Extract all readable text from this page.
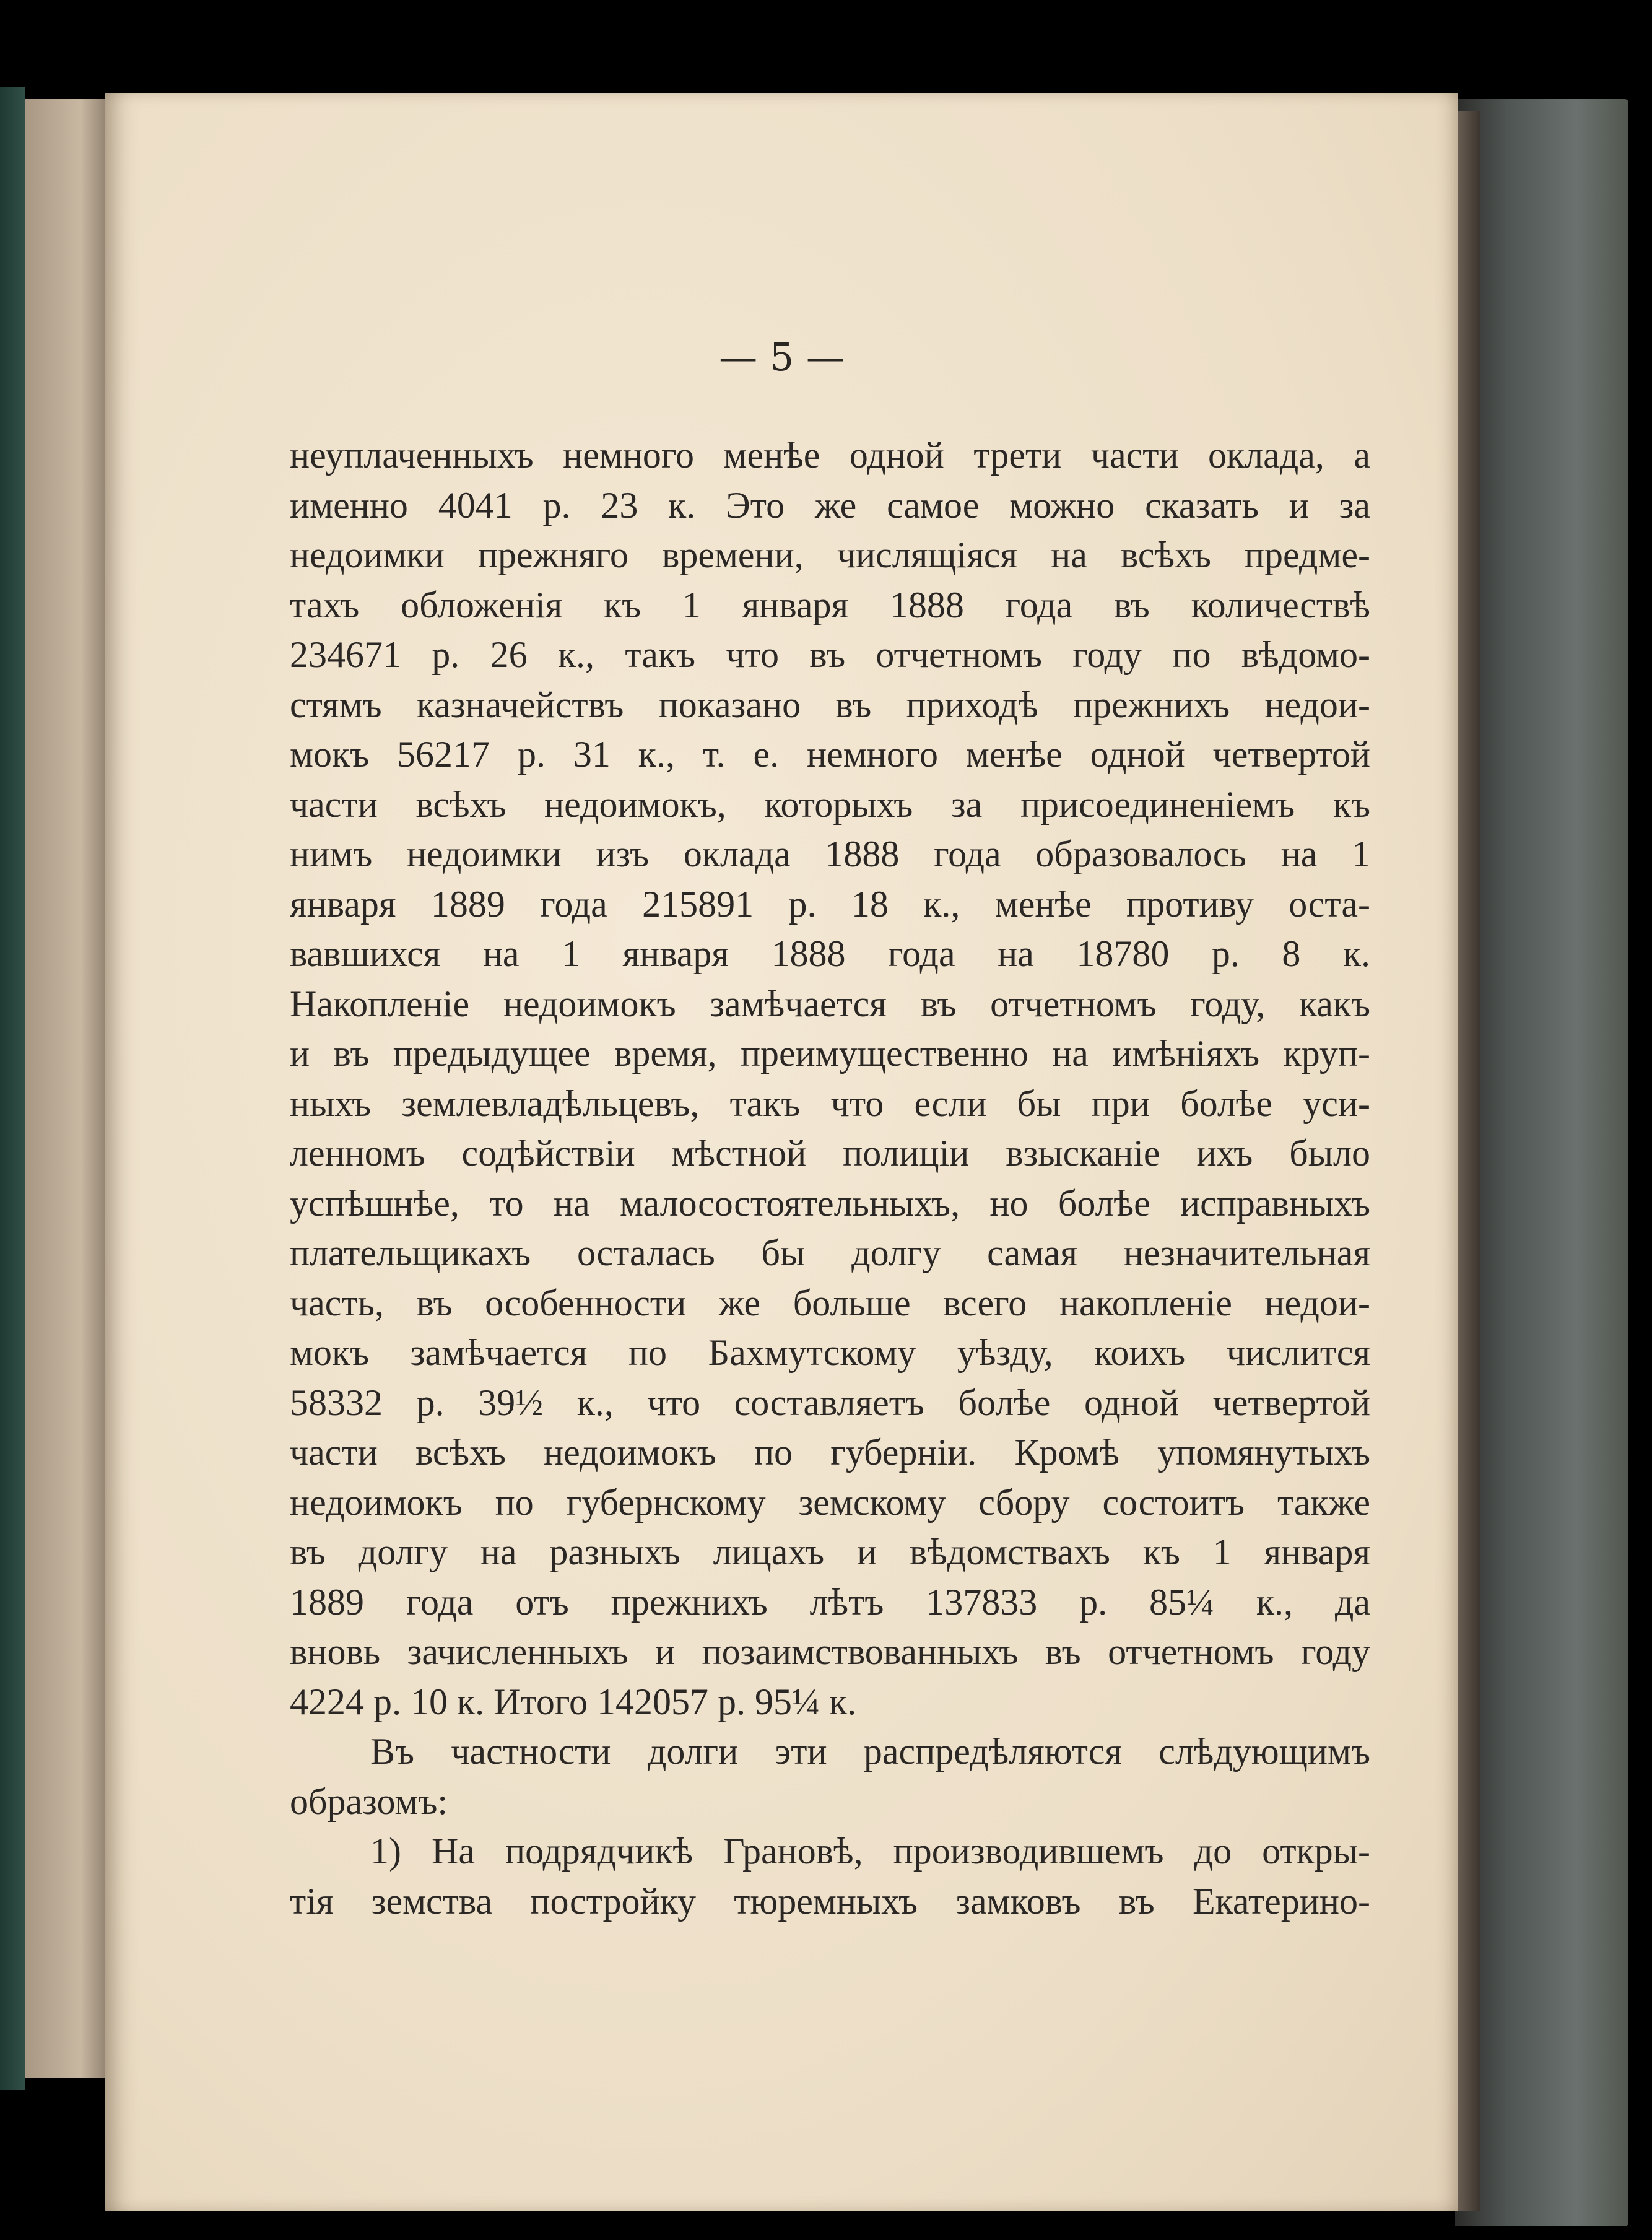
— 5 —
неуплаченныхъ немного менѣе одной трети части оклада, а
именно 4041 р. 23 к. Это же самое можно сказать и за
недоимки прежняго времени, числящіяся на всѣхъ предме-
тахъ обложенія къ 1 января 1888 года въ количествѣ
234671 р. 26 к., такъ что въ отчетномъ году по вѣдомо-
стямъ казначействъ показано въ приходѣ прежнихъ недои-
мокъ 56217 р. 31 к., т. е. немного менѣе одной четвертой
части всѣхъ недоимокъ, которыхъ за присоединеніемъ къ
нимъ недоимки изъ оклада 1888 года образовалось на 1
января 1889 года 215891 р. 18 к., менѣе противу оста-
вавшихся на 1 января 1888 года на 18780 р. 8 к.
Накопленіе недоимокъ замѣчается въ отчетномъ году, какъ
и въ предыдущее время, преимущественно на имѣніяхъ круп-
ныхъ землевладѣльцевъ, такъ что если бы при болѣе уси-
ленномъ содѣйствіи мѣстной полиціи взысканіе ихъ было
успѣшнѣе, то на малосостоятельныхъ, но болѣе исправныхъ
плательщикахъ осталась бы долгу самая незначительная
часть, въ особенности же больше всего накопленіе недои-
мокъ замѣчается по Бахмутскому уѣзду, коихъ числится
58332 р. 39½ к., что составляетъ болѣе одной четвертой
части всѣхъ недоимокъ по губерніи. Кромѣ упомянутыхъ
недоимокъ по губернскому земскому сбору состоитъ также
въ долгу на разныхъ лицахъ и вѣдомствахъ къ 1 января
1889 года отъ прежнихъ лѣтъ 137833 р. 85¼ к., да
вновь зачисленныхъ и позаимствованныхъ въ отчетномъ году
4224 р. 10 к. Итого 142057 р. 95¼ к.
Въ частности долги эти распредѣляются слѣдующимъ
образомъ:
1) На подрядчикѣ Грановѣ, производившемъ до откры-
тія земства постройку тюремныхъ замковъ въ Екатерино-
